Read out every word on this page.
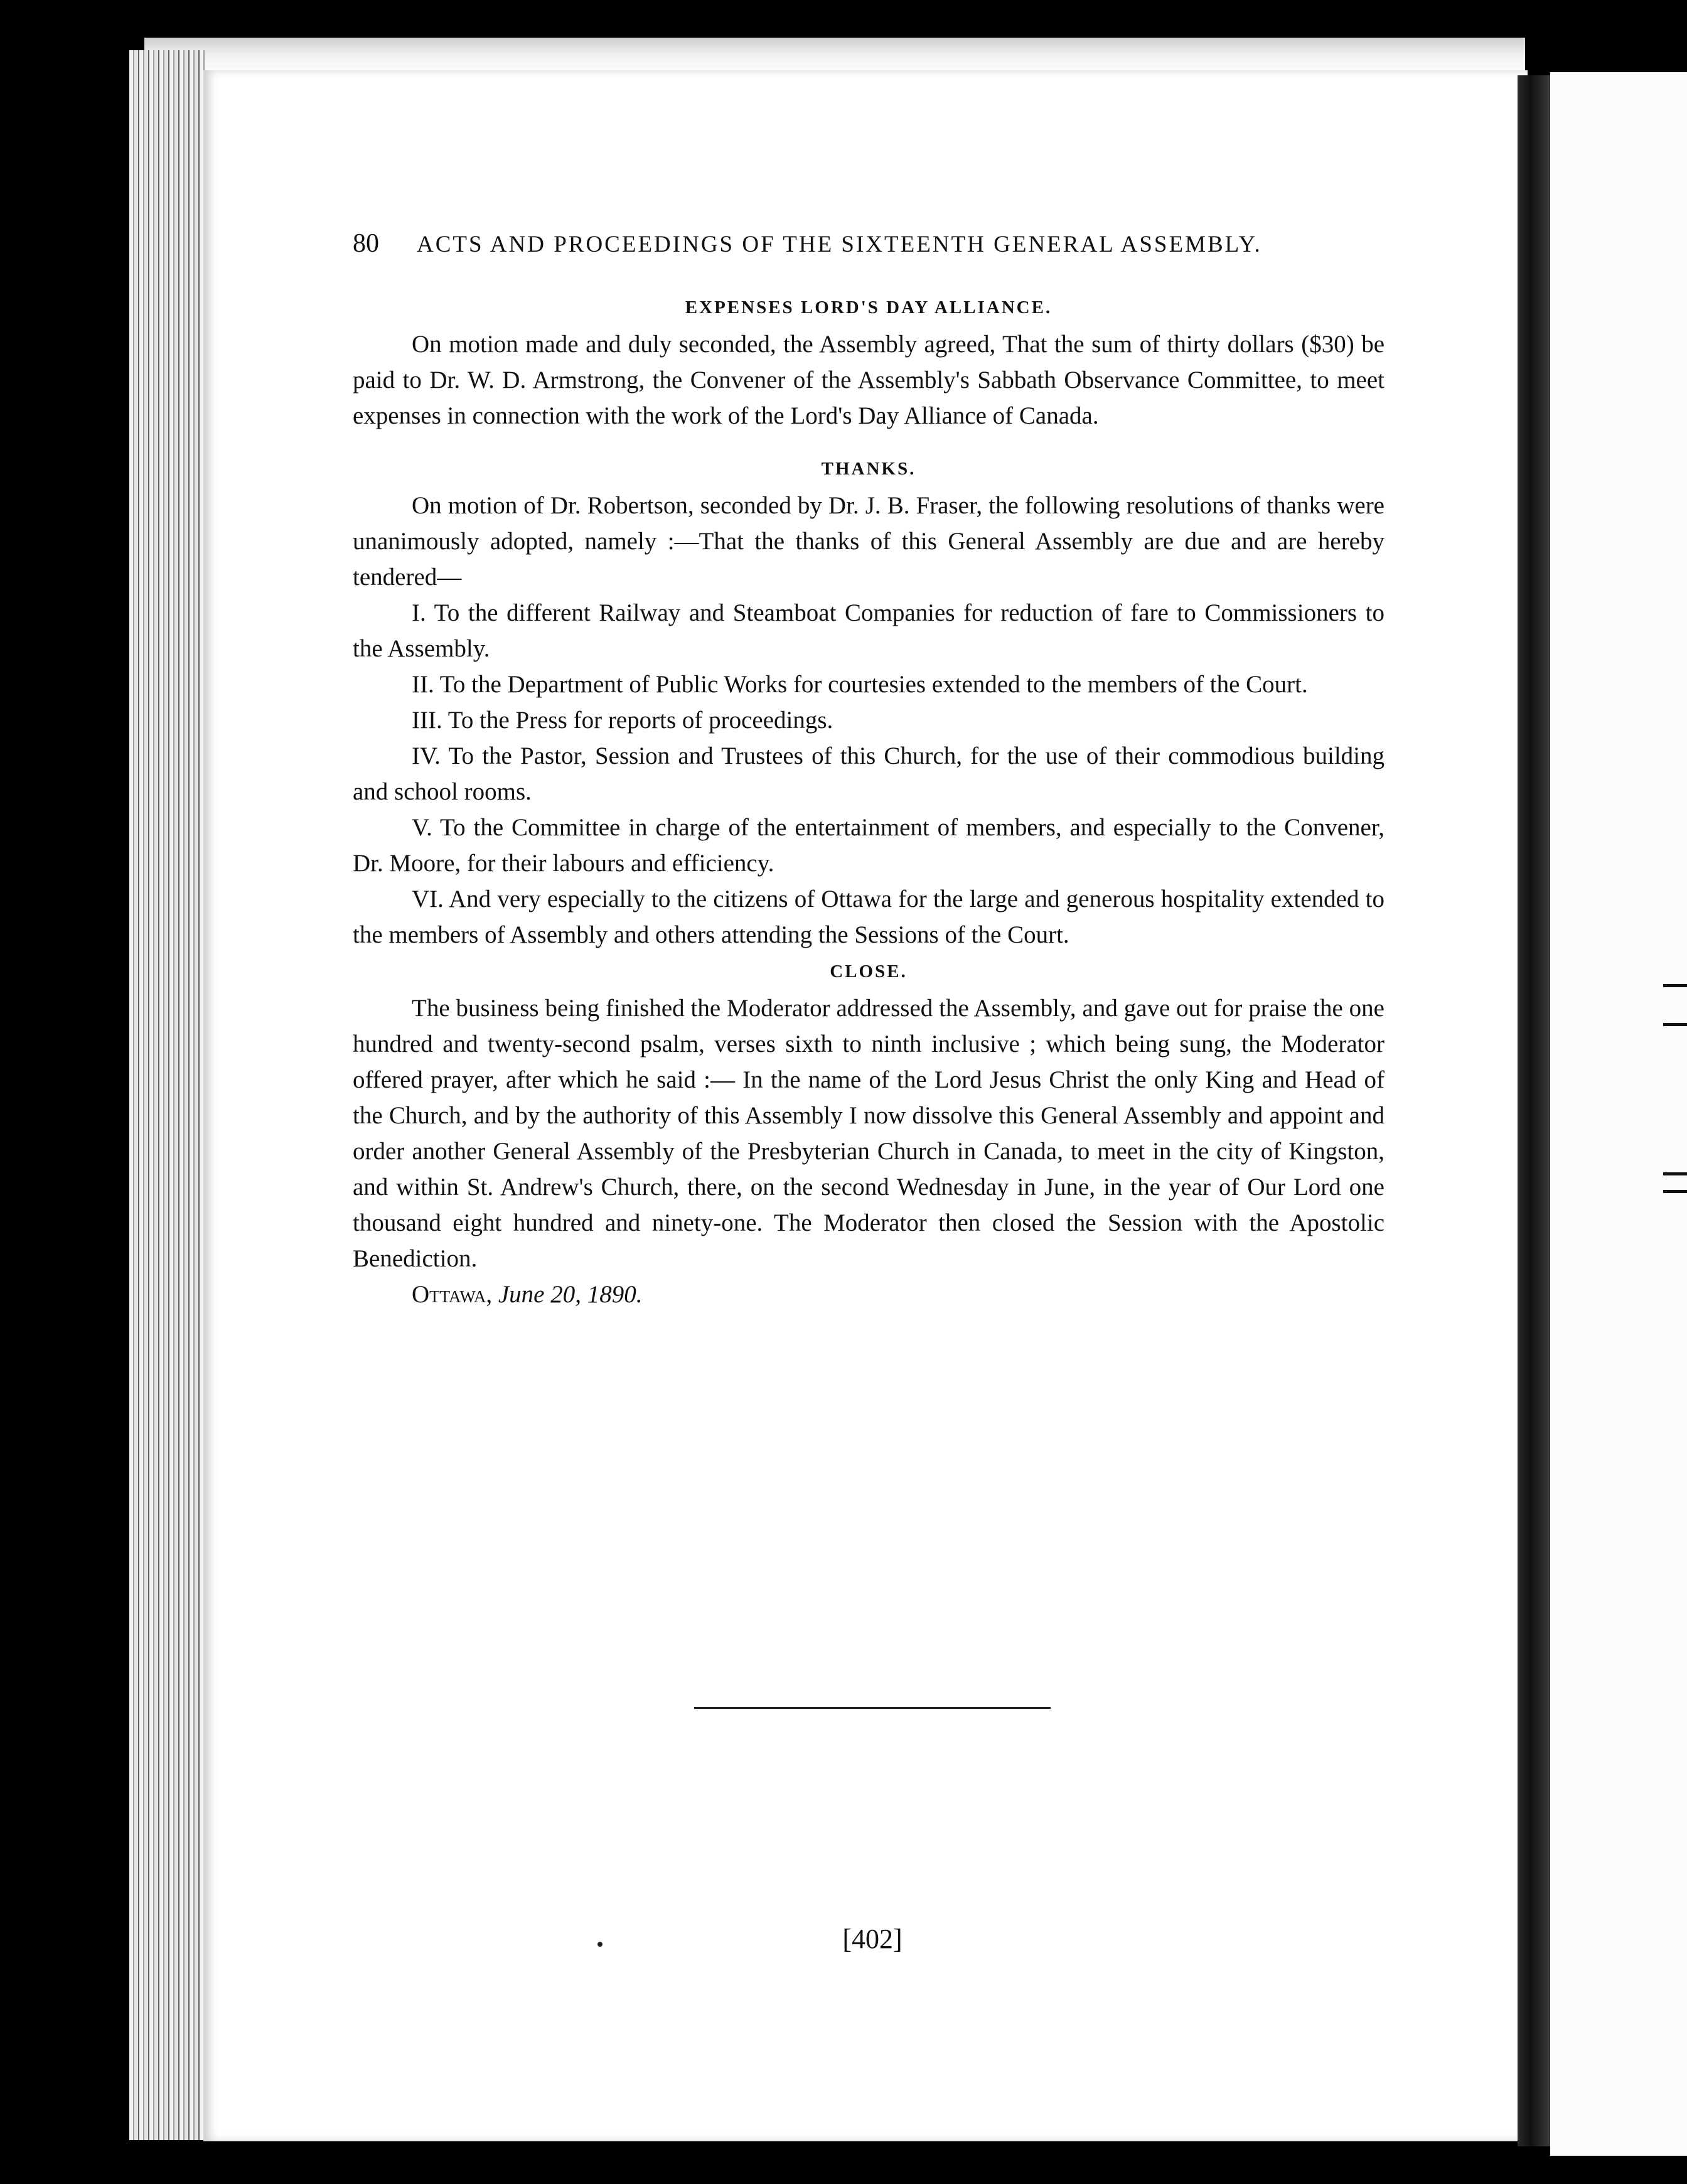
80 ACTS AND PROCEEDINGS OF THE SIXTEENTH GENERAL ASSEMBLY.

EXPENSES LORD'S DAY ALLIANCE.

On motion made and duly seconded, the Assembly agreed, That the sum of thirty dollars ($30) be paid to Dr. W. D. Armstrong, the Convener of the Assembly's Sabbath Observance Committee, to meet expenses in connection with the work of the Lord's Day Alliance of Canada.

THANKS.

On motion of Dr. Robertson, seconded by Dr. J. B. Fraser, the following resolutions of thanks were unanimously adopted, namely :—That the thanks of this General Assembly are due and are hereby tendered—

I. To the different Railway and Steamboat Companies for reduction of fare to Commissioners to the Assembly.

II. To the Department of Public Works for courtesies extended to the members of the Court.

III. To the Press for reports of proceedings.

IV. To the Pastor, Session and Trustees of this Church, for the use of their commodious building and school rooms.

V. To the Committee in charge of the entertainment of members, and especially to the Convener, Dr. Moore, for their labours and efficiency.

VI. And very especially to the citizens of Ottawa for the large and generous hospitality extended to the members of Assembly and others attending the Sessions of the Court.

CLOSE.

The business being finished the Moderator addressed the Assembly, and gave out for praise the one hundred and twenty-second psalm, verses sixth to ninth inclusive ; which being sung, the Moderator offered prayer, after which he said :— In the name of the Lord Jesus Christ the only King and Head of the Church, and by the authority of this Assembly I now dissolve this General Assembly and appoint and order another General Assembly of the Presbyterian Church in Canada, to meet in the city of Kingston, and within St. Andrew's Church, there, on the second Wednesday in June, in the year of Our Lord one thousand eight hundred and ninety-one. The Moderator then closed the Session with the Apostolic Benediction.

Ottawa, June 20, 1890.

[402]
